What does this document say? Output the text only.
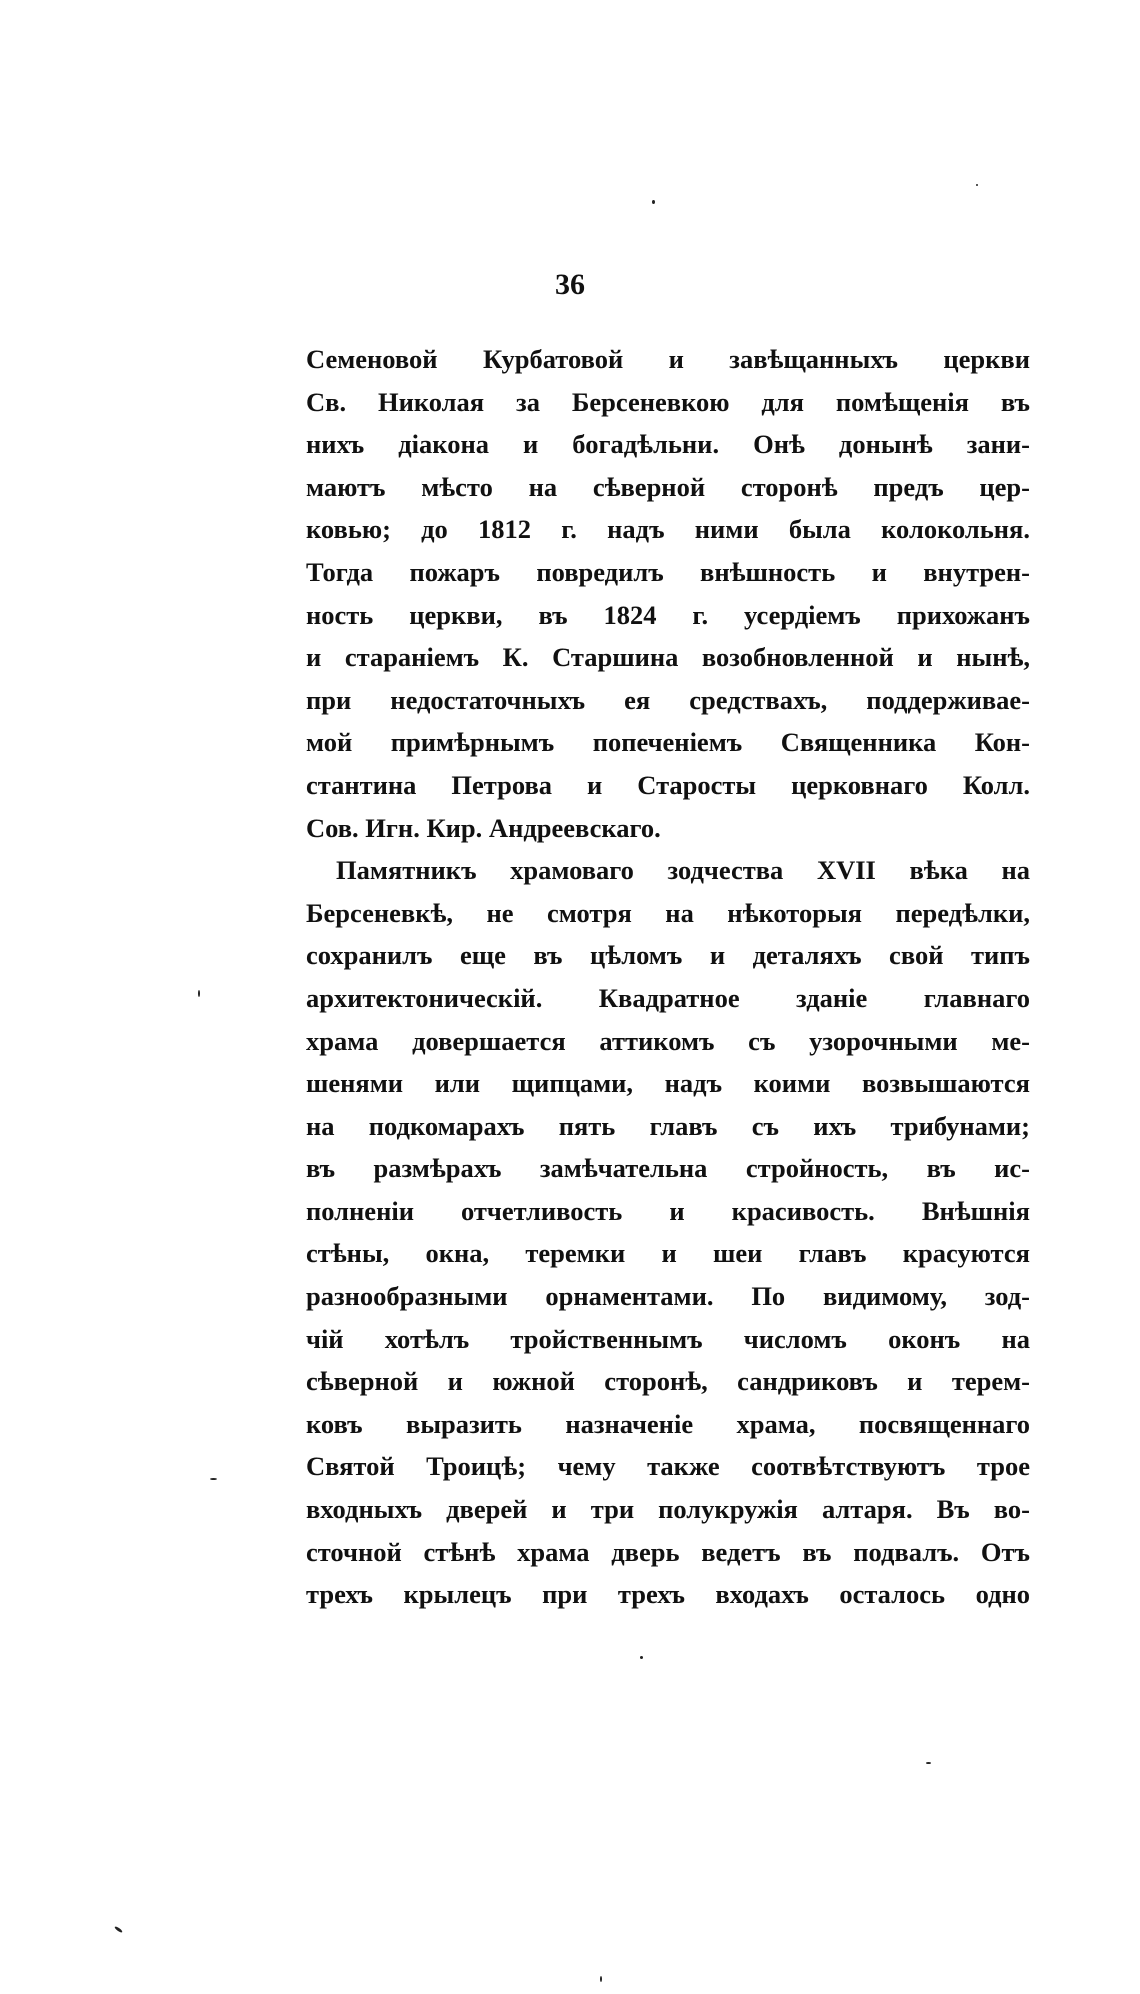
36
Семеновой Курбатовой и завѣщанныхъ церкви
Св. Николая за Берсеневкою для помѣщенія въ
нихъ діакона и богадѣльни. Онѣ донынѣ зани-
маютъ мѣсто на сѣверной сторонѣ предъ цер-
ковью; до 1812 г. надъ ними была колокольня.
Тогда пожаръ повредилъ внѣшность и внутрен-
ность церкви, въ 1824 г. усердіемъ прихожанъ
и стараніемъ К. Старшина возобновленной и нынѣ,
при недостаточныхъ ея средствахъ, поддерживае-
мой примѣрнымъ попеченіемъ Священника Кон-
стантина Петрова и Старосты церковнаго Колл.
Сов. Игн. Кир. Андреевскаго.
Памятникъ храмоваго зодчества XVII вѣка на
Берсеневкѣ, не смотря на нѣкоторыя передѣлки,
сохранилъ еще въ цѣломъ и деталяхъ свой типъ
архитектоническій. Квадратное зданіе главнаго
храма довершается аттикомъ съ узорочными ме-
шенями или щипцами, надъ коими возвышаются
на подкомарахъ пять главъ съ ихъ трибунами;
въ размѣрахъ замѣчательна стройность, въ ис-
полненіи отчетливость и красивость. Внѣшнія
стѣны, окна, теремки и шеи главъ красуются
разнообразными орнаментами. По видимому, зод-
чій хотѣлъ тройственнымъ числомъ оконъ на
сѣверной и южной сторонѣ, сандриковъ и терем-
ковъ выразить назначеніе храма, посвященнаго
Святой Троицѣ; чему также соотвѣтствуютъ трое
входныхъ дверей и три полукружія алтаря. Въ во-
сточной стѣнѣ храма дверь ведетъ въ подвалъ. Отъ
трехъ крылецъ при трехъ входахъ осталось одно
